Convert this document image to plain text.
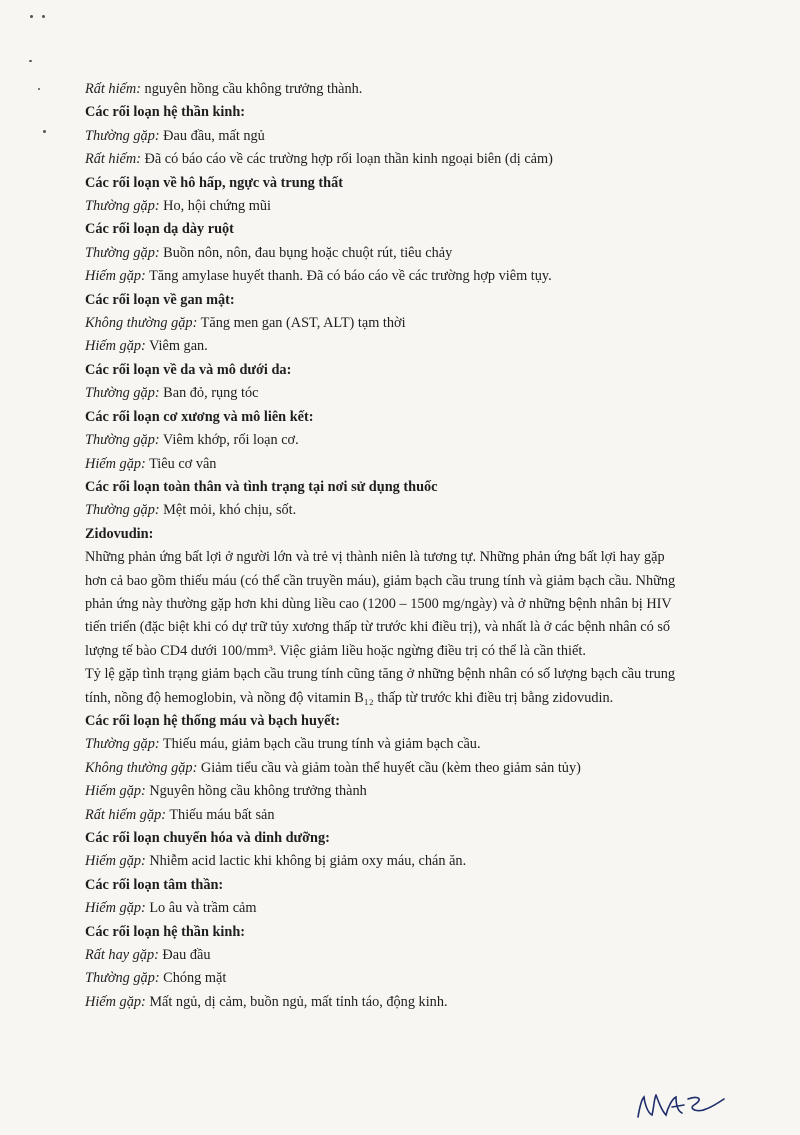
Rất hiếm: nguyên hồng cầu không trưởng thành.
Các rối loạn hệ thần kinh:
Thường gặp: Đau đầu, mất ngủ
Rất hiếm: Đã có báo cáo về các trường hợp rối loạn thần kinh ngoại biên (dị cảm)
Các rối loạn về hô hấp, ngực và trung thất
Thường gặp: Ho, hội chứng mũi
Các rối loạn dạ dày ruột
Thường gặp: Buồn nôn, nôn, đau bụng hoặc chuột rút, tiêu chảy
Hiếm gặp: Tăng amylase huyết thanh. Đã có báo cáo về các trường hợp viêm tụy.
Các rối loạn về gan mật:
Không thường gặp: Tăng men gan (AST, ALT) tạm thời
Hiếm gặp: Viêm gan.
Các rối loạn về da và mô dưới da:
Thường gặp: Ban đỏ, rụng tóc
Các rối loạn cơ xương và mô liên kết:
Thường gặp: Viêm khớp, rối loạn cơ.
Hiếm gặp: Tiêu cơ vân
Các rối loạn toàn thân và tình trạng tại nơi sử dụng thuốc
Thường gặp: Mệt mỏi, khó chịu, sốt.
Zidovudin:
Những phản ứng bất lợi ở người lớn và trẻ vị thành niên là tương tự. Những phản ứng bất lợi hay gặp
hơn cả bao gồm thiếu máu (có thể cần truyền máu), giảm bạch cầu trung tính và giảm bạch cầu. Những
phản ứng này thường gặp hơn khi dùng liều cao (1200 – 1500 mg/ngày) và ở những bệnh nhân bị HIV
tiến triển (đặc biệt khi có dự trữ tủy xương thấp từ trước khi điều trị), và nhất là ở các bệnh nhân có số
lượng tế bào CD4 dưới 100/mm³. Việc giảm liều hoặc ngừng điều trị có thể là cần thiết.
Tỷ lệ gặp tình trạng giảm bạch cầu trung tính cũng tăng ở những bệnh nhân có số lượng bạch cầu trung
tính, nồng độ hemoglobin, và nồng độ vitamin B₁₂ thấp từ trước khi điều trị bằng zidovudin.
Các rối loạn hệ thống máu và bạch huyết:
Thường gặp: Thiếu máu, giảm bạch cầu trung tính và giảm bạch cầu.
Không thường gặp: Giảm tiểu cầu và giảm toàn thể huyết cầu (kèm theo giảm sản tủy)
Hiếm gặp: Nguyên hồng cầu không trưởng thành
Rất hiếm gặp: Thiếu máu bất sản
Các rối loạn chuyển hóa và dinh dưỡng:
Hiếm gặp: Nhiễm acid lactic khi không bị giảm oxy máu, chán ăn.
Các rối loạn tâm thần:
Hiếm gặp: Lo âu và trầm cảm
Các rối loạn hệ thần kinh:
Rất hay gặp: Đau đầu
Thường gặp: Chóng mặt
Hiếm gặp: Mất ngủ, dị cảm, buồn ngủ, mất tỉnh táo, động kinh.
